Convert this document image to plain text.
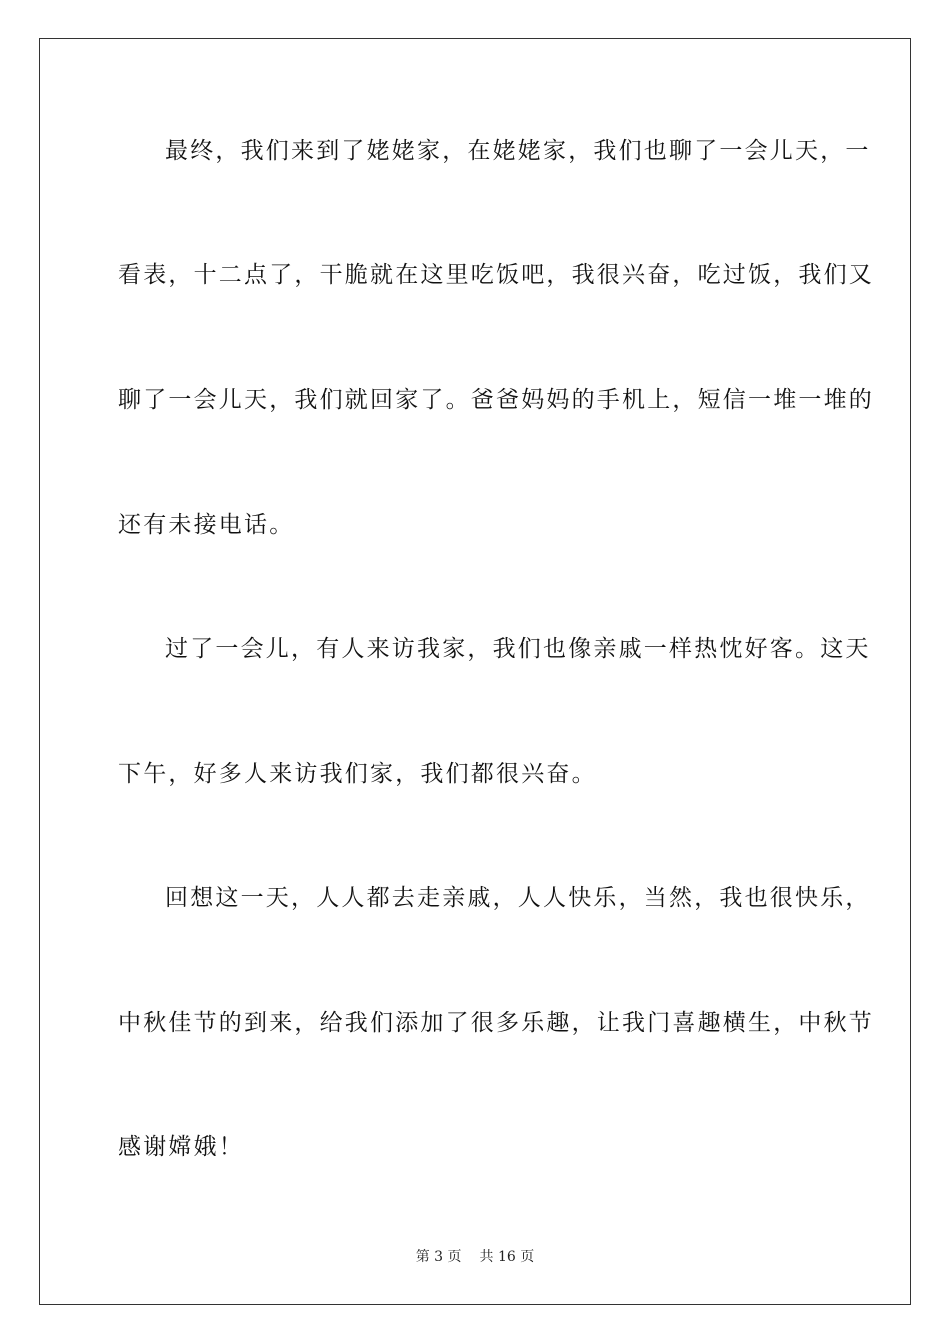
最终，我们来到了姥姥家，在姥姥家，我们也聊了一会儿天，一
看表，十二点了，干脆就在这里吃饭吧，我很兴奋，吃过饭，我们又
聊了一会儿天，我们就回家了。爸爸妈妈的手机上，短信一堆一堆的
还有未接电话。
过了一会儿，有人来访我家，我们也像亲戚一样热忱好客。这天
下午，好多人来访我们家，我们都很兴奋。
回想这一天，人人都去走亲戚，人人快乐，当然，我也很快乐，
中秋佳节的到来，给我们添加了很多乐趣，让我门喜趣横生，中秋节
感谢嫦娥！
第 3 页 共 16 页
